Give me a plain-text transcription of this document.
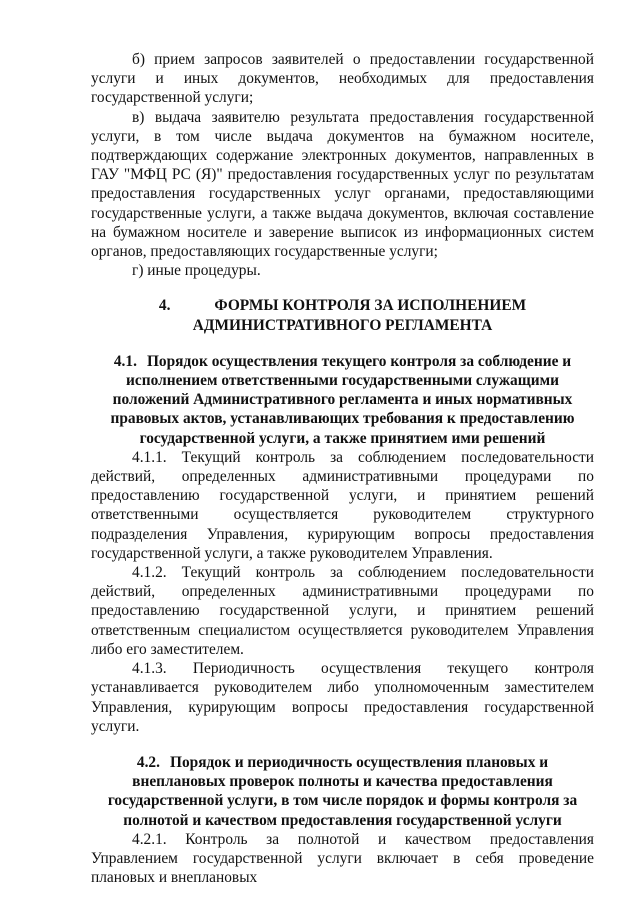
б) прием запросов заявителей о предоставлении государственной услуги и иных документов, необходимых для предоставления государственной услуги;

в) выдача заявителю результата предоставления государственной услуги, в том числе выдача документов на бумажном носителе, подтверждающих содержание электронных документов, направленных в ГАУ "МФЦ РС (Я)" предоставления государственных услуг по результатам предоставления государственных услуг органами, предоставляющими государственные услуги, а также выдача документов, включая составление на бумажном носителе и заверение выписок из информационных систем органов, предоставляющих государственные услуги;

г) иные процедуры.

4.	ФОРМЫ КОНТРОЛЯ ЗА ИСПОЛНЕНИЕМ АДМИНИСТРАТИВНОГО РЕГЛАМЕНТА
4.1. Порядок осуществления текущего контроля за соблюдение и исполнением ответственными государственными служащими положений Административного регламента и иных нормативных правовых актов, устанавливающих требования к предоставлению государственной услуги, а также принятием ими решений

4.1.1. Текущий контроль за соблюдением последовательности действий, определенных административными процедурами по предоставлению государственной услуги, и принятием решений ответственными осуществляется руководителем структурного подразделения Управления, курирующим вопросы предоставления государственной услуги, а также руководителем Управления.

4.1.2. Текущий контроль за соблюдением последовательности действий, определенных административными процедурами по предоставлению государственной услуги, и принятием решений ответственным специалистом осуществляется руководителем Управления либо его заместителем.

4.1.3. Периодичность осуществления текущего контроля устанавливается руководителем либо уполномоченным заместителем Управления, курирующим вопросы предоставления государственной услуги.

4.2. Порядок и периодичность осуществления плановых и внеплановых проверок полноты и качества предоставления государственной услуги, в том числе порядок и формы контроля за полнотой и качеством предоставления государственной услуги

4.2.1. Контроль за полнотой и качеством предоставления Управлением государственной услуги включает в себя проведение плановых и внеплановых
